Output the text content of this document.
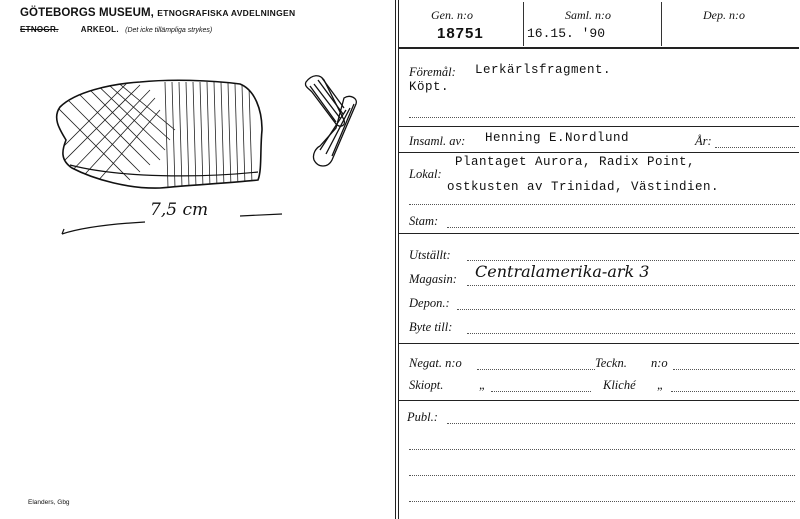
GÖTEBORGS MUSEUM, ETNOGRAFISKA AVDELNINGEN
ETNOGR.	ARKEOL. (Det icke tillämpliga strykes)
7,5 cm
Elanders, Gbg
Gen. n:o
18751
Saml. n:o
16.15. '90
Dep. n:o
Föremål: Lerkärlsfragment.
Köpt.
Insaml. av: Henning E.Nordlund	År:
Lokal:
Plantaget Aurora, Radix Point,
ostkusten av Trinidad, Västindien.
Stam:
Utställt:
Magasin: Centralamerika-ark 3
Depon.:
Byte till:
Negat. n:o	Teckn. n:o
Skiopt.	„	Kliché „
Publ.:
